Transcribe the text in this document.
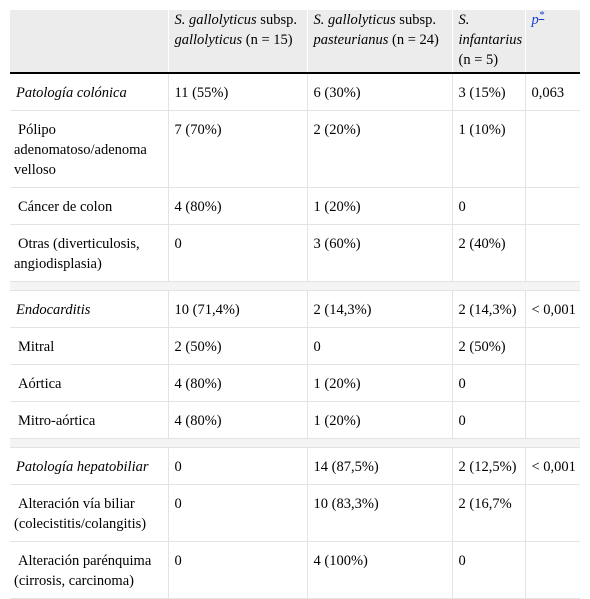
	S. gallolyticus subsp.
gallolyticus (n = 15)	S. gallolyticus subsp.
pasteurianus (n = 24)	S.
infantarius
(n = 5)	p*
Patología colónica	11 (55%)	6 (30%)	3 (15%)	0,063
Pólipo adenomatoso/adenoma velloso	7 (70%)	2 (20%)	1 (10%)	
Cáncer de colon	4 (80%)	1 (20%)	0	
Otras (diverticulosis, angiodisplasia)	0	3 (60%)	2 (40%)	

Endocarditis	10 (71,4%)	2 (14,3%)	2 (14,3%)	< 0,001
Mitral	2 (50%)	0	2 (50%)	
Aórtica	4 (80%)	1 (20%)	0	
Mitro-aórtica	4 (80%)	1 (20%)	0	

Patología hepatobiliar	0	14 (87,5%)	2 (12,5%)	< 0,001
Alteración vía biliar (colecistitis/colangitis)	0	10 (83,3%)	2 (16,7%	
Alteración parénquima (cirrosis, carcinoma)	0	4 (100%)	0	
